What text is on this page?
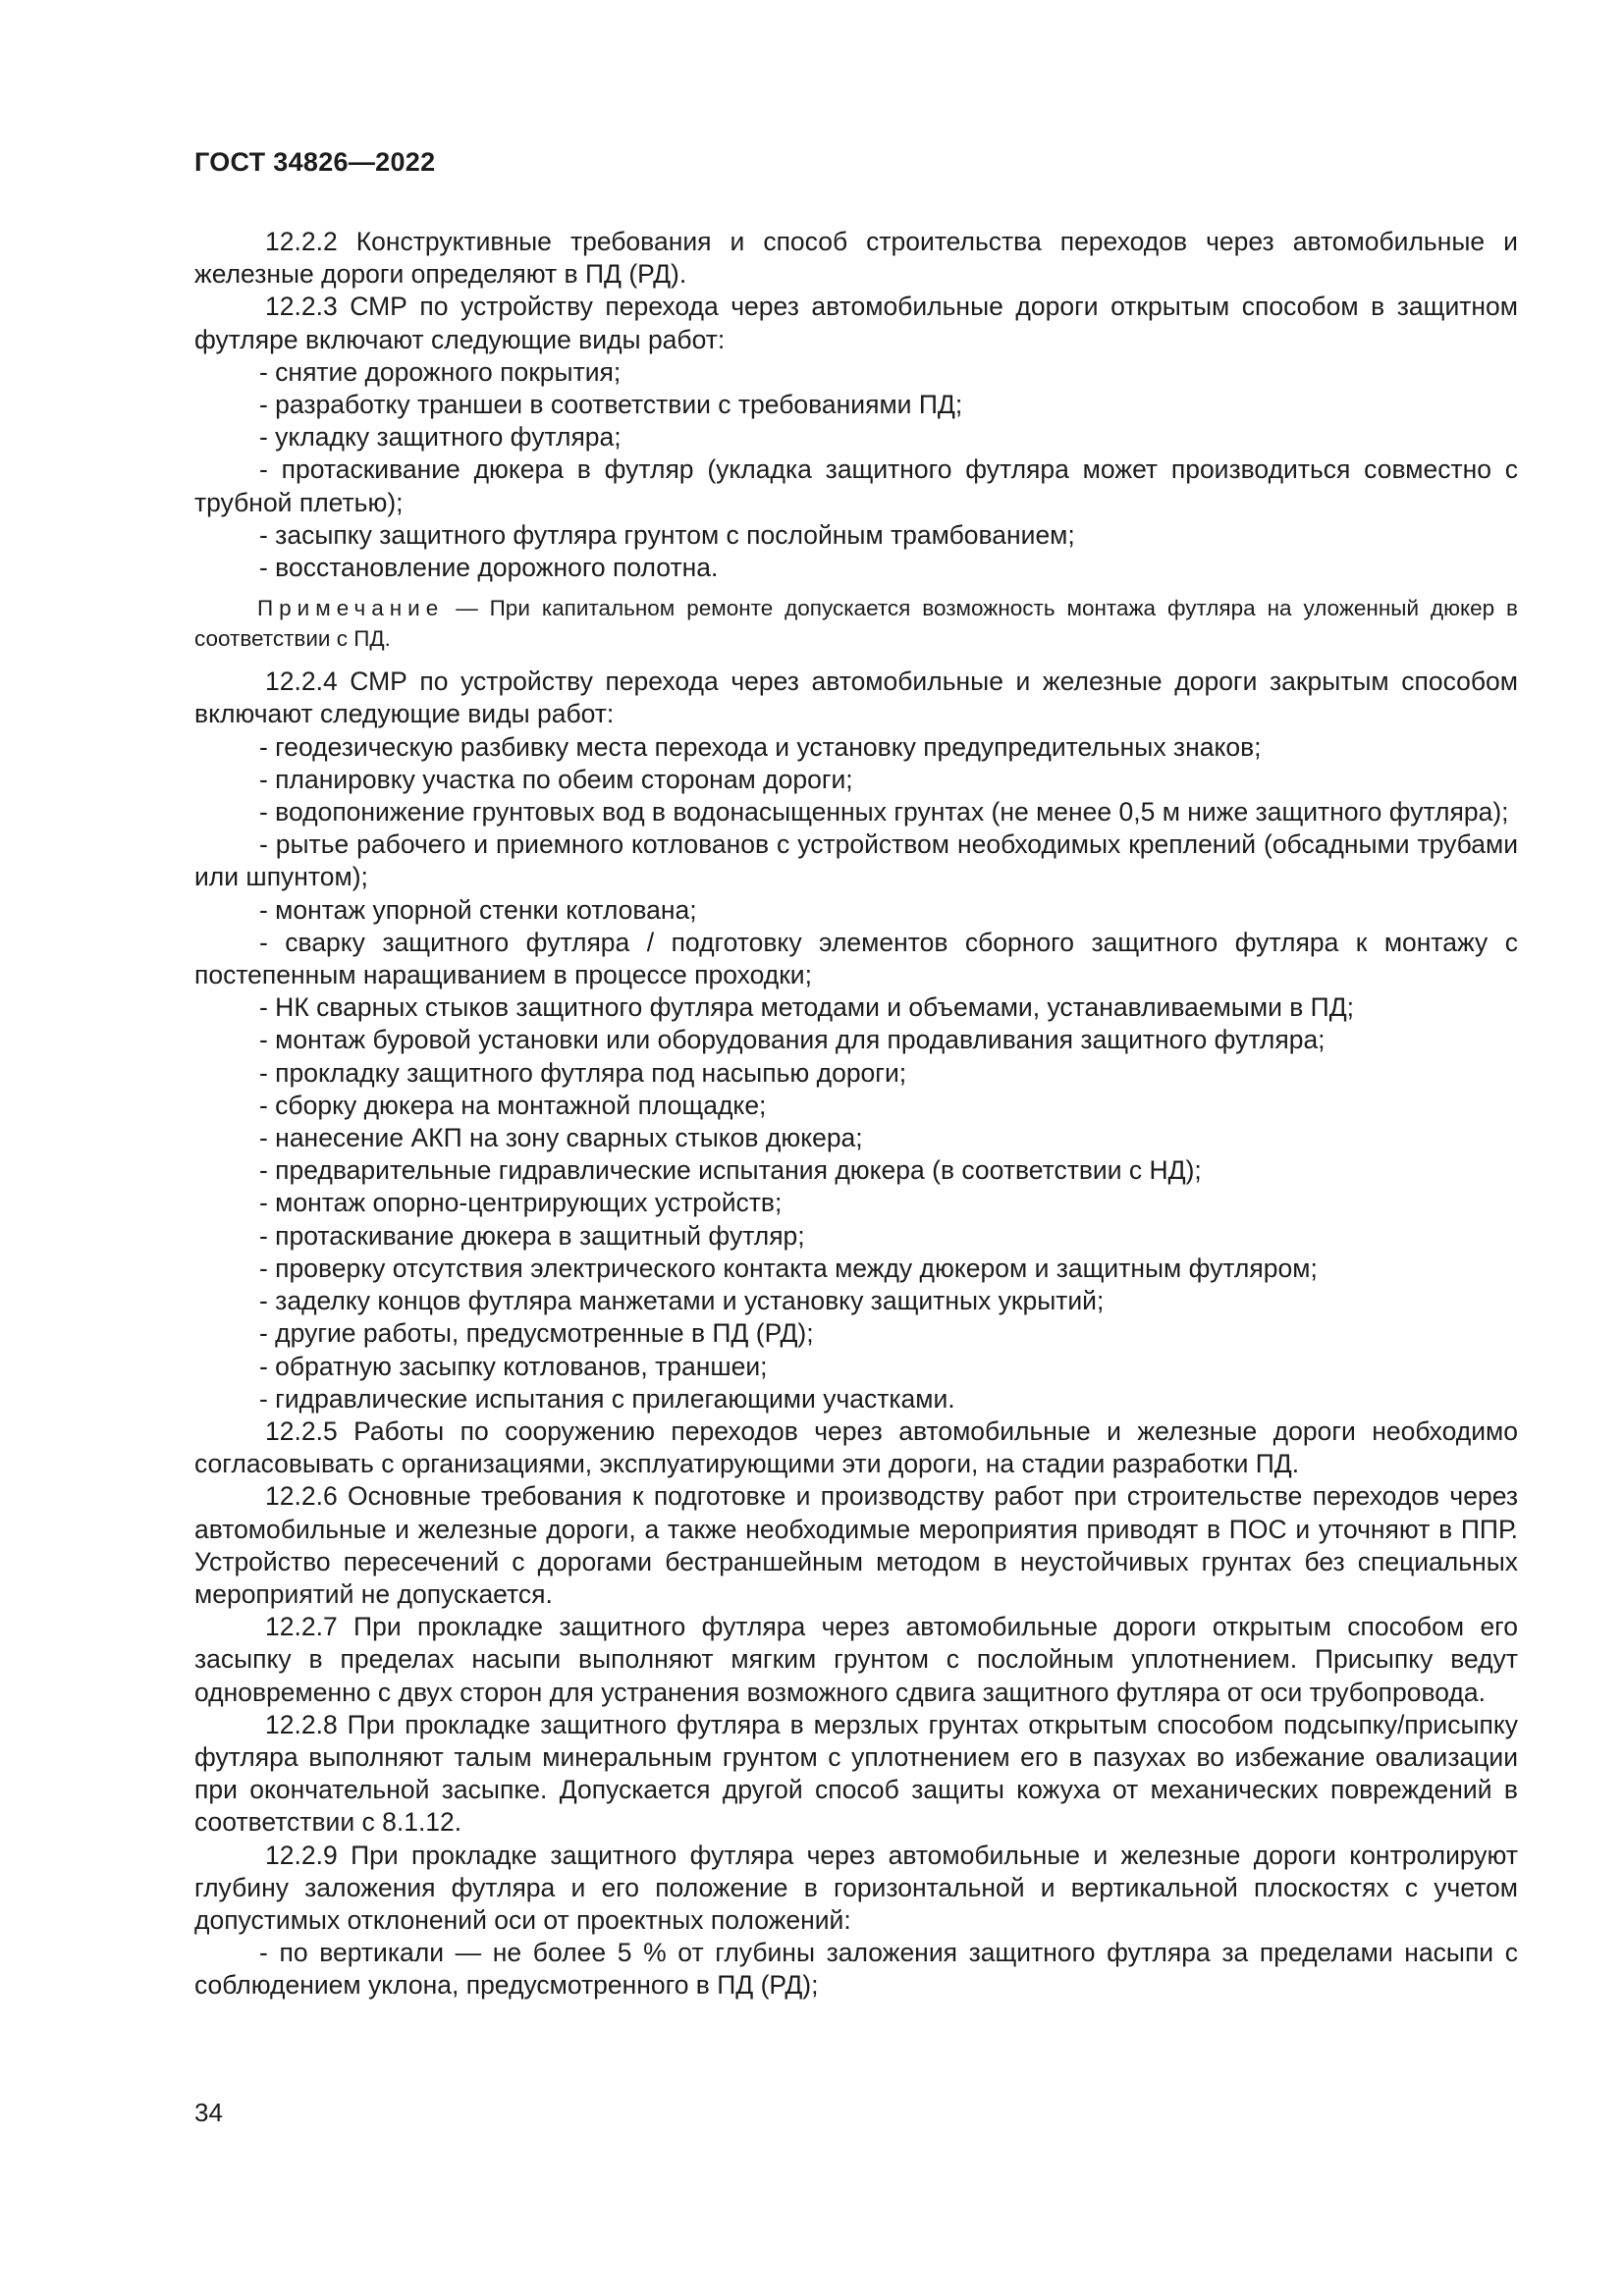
ГОСТ 34826—2022

12.2.2 Конструктивные требования и способ строительства переходов через автомобильные и железные дороги определяют в ПД (РД).

12.2.3 СМР по устройству перехода через автомобильные дороги открытым способом в защитном футляре включают следующие виды работ:

- снятие дорожного покрытия;

- разработку траншеи в соответствии с требованиями ПД;

- укладку защитного футляра;

- протаскивание дюкера в футляр (укладка защитного футляра может производиться совместно с трубной плетью);

- засыпку защитного футляра грунтом с послойным трамбованием;

- восстановление дорожного полотна.

Примечание — При капитальном ремонте допускается возможность монтажа футляра на уложенный дюкер в соответствии с ПД.

12.2.4 СМР по устройству перехода через автомобильные и железные дороги закрытым способом включают следующие виды работ:

- геодезическую разбивку места перехода и установку предупредительных знаков;

- планировку участка по обеим сторонам дороги;

- водопонижение грунтовых вод в водонасыщенных грунтах (не менее 0,5 м ниже защитного футляра);

- рытье рабочего и приемного котлованов с устройством необходимых креплений (обсадными трубами или шпунтом);

- монтаж упорной стенки котлована;

- сварку защитного футляра / подготовку элементов сборного защитного футляра к монтажу с постепенным наращиванием в процессе проходки;

- НК сварных стыков защитного футляра методами и объемами, устанавливаемыми в ПД;

- монтаж буровой установки или оборудования для продавливания защитного футляра;

- прокладку защитного футляра под насыпью дороги;

- сборку дюкера на монтажной площадке;

- нанесение АКП на зону сварных стыков дюкера;

- предварительные гидравлические испытания дюкера (в соответствии с НД);

- монтаж опорно-центрирующих устройств;

- протаскивание дюкера в защитный футляр;

- проверку отсутствия электрического контакта между дюкером и защитным футляром;

- заделку концов футляра манжетами и установку защитных укрытий;

- другие работы, предусмотренные в ПД (РД);

- обратную засыпку котлованов, траншеи;

- гидравлические испытания с прилегающими участками.

12.2.5 Работы по сооружению переходов через автомобильные и железные дороги необходимо согласовывать с организациями, эксплуатирующими эти дороги, на стадии разработки ПД.

12.2.6 Основные требования к подготовке и производству работ при строительстве переходов через автомобильные и железные дороги, а также необходимые мероприятия приводят в ПОС и уточняют в ППР. Устройство пересечений с дорогами бестраншейным методом в неустойчивых грунтах без специальных мероприятий не допускается.

12.2.7 При прокладке защитного футляра через автомобильные дороги открытым способом его засыпку в пределах насыпи выполняют мягким грунтом с послойным уплотнением. Присыпку ведут одновременно с двух сторон для устранения возможного сдвига защитного футляра от оси трубопровода.

12.2.8 При прокладке защитного футляра в мерзлых грунтах открытым способом подсыпку/присыпку футляра выполняют талым минеральным грунтом с уплотнением его в пазухах во избежание овализации при окончательной засыпке. Допускается другой способ защиты кожуха от механических повреждений в соответствии с 8.1.12.

12.2.9 При прокладке защитного футляра через автомобильные и железные дороги контролируют глубину заложения футляра и его положение в горизонтальной и вертикальной плоскостях с учетом допустимых отклонений оси от проектных положений:

- по вертикали — не более 5 % от глубины заложения защитного футляра за пределами насыпи с соблюдением уклона, предусмотренного в ПД (РД);

34
